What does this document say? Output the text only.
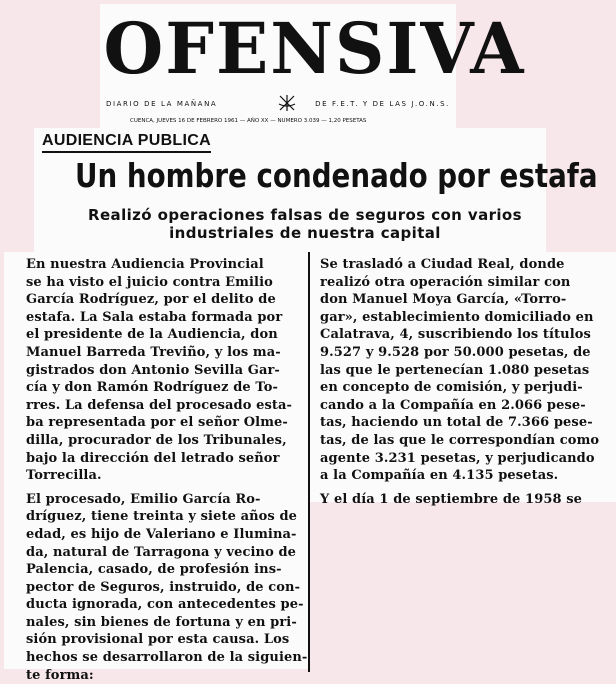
OFENSIVA
DIARIO DE LA MAÑANA	DE F.E.T. Y DE LAS J.O.N.S.
CUENCA, JUEVES 16 DE FEBRERO 1961 — AÑO XX — NUMERO 3.039 — 1,20 PESETAS
AUDIENCIA PUBLICA
Un hombre condenado por estafa
Realizó operaciones falsas de seguros con varios
industriales de nuestra capital
En nuestra Audiencia Provincial
se ha visto el juicio contra Emilio
García Rodríguez, por el delito de
estafa. La Sala estaba formada por
el presidente de la Audiencia, don
Manuel Barreda Treviño, y los ma-
gistrados don Antonio Sevilla Gar-
cía y don Ramón Rodríguez de To-
rres. La defensa del procesado esta-
ba representada por el señor Olme-
dilla, procurador de los Tribunales,
bajo la dirección del letrado señor
Torrecilla.
El procesado, Emilio García Ro-
dríguez, tiene treinta y siete años de
edad, es hijo de Valeriano e Ilumina-
da, natural de Tarragona y vecino de
Palencia, casado, de profesión ins-
pector de Seguros, instruido, de con-
ducta ignorada, con antecedentes pe-
nales, sin bienes de fortuna y en pri-
sión provisional por esta causa. Los
hechos se desarrollaron de la siguien-
te forma:
Se trasladó a Ciudad Real, donde
realizó otra operación similar con
don Manuel Moya García, «Torro-
gar», establecimiento domiciliado en
Calatrava, 4, suscribiendo los títulos
9.527 y 9.528 por 50.000 pesetas, de
las que le pertenecían 1.080 pesetas
en concepto de comisión, y perjudi-
cando a la Compañía en 2.066 pese-
tas, haciendo un total de 7.366 pese-
tas, de las que le correspondían como
agente 3.231 pesetas, y perjudicando
a la Compañía en 4.135 pesetas.
Y el día 1 de septiembre de 1958 se
